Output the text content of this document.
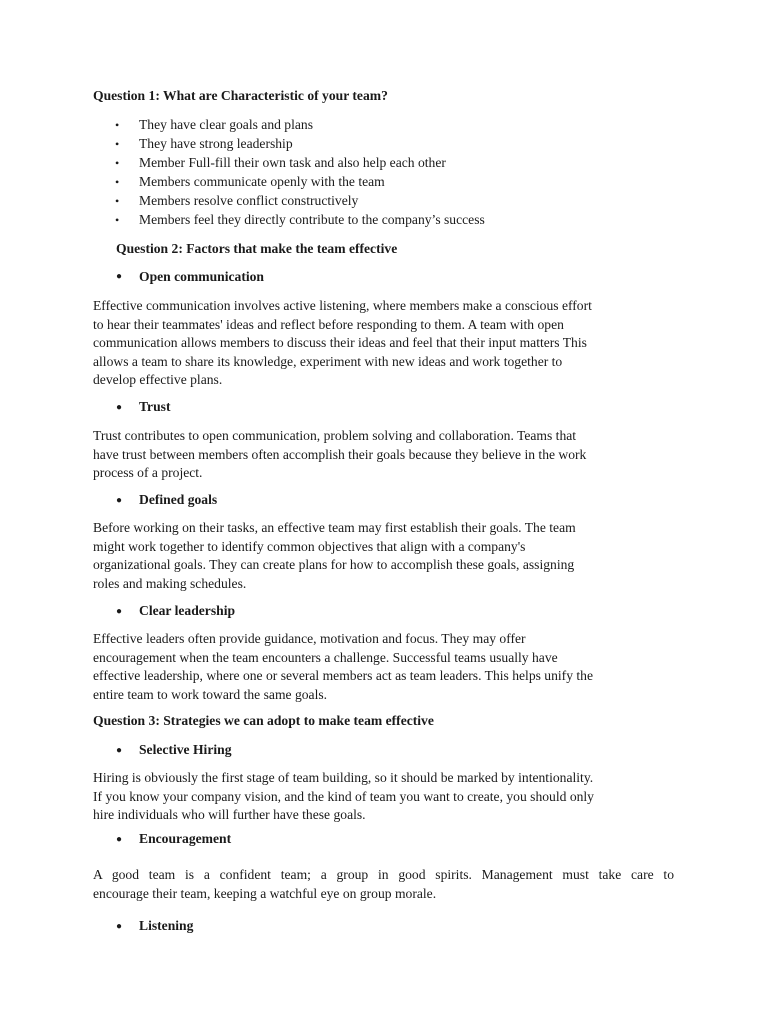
Question 1: What are Characteristic of your team?
• They have clear goals and plans
• They have strong leadership
• Member Full-fill their own task and also help each other
• Members communicate openly with the team
• Members resolve conflict constructively
• Members feel they directly contribute to the company’s success
Question 2: Factors that make the team effective
● Open communication
Effective communication involves active listening, where members make a conscious effort
to hear their teammates' ideas and reflect before responding to them. A team with open
communication allows members to discuss their ideas and feel that their input matters This
allows a team to share its knowledge, experiment with new ideas and work together to
develop effective plans.
● Trust
Trust contributes to open communication, problem solving and collaboration. Teams that
have trust between members often accomplish their goals because they believe in the work
process of a project.
● Defined goals
Before working on their tasks, an effective team may first establish their goals. The team
might work together to identify common objectives that align with a company's
organizational goals. They can create plans for how to accomplish these goals, assigning
roles and making schedules.
● Clear leadership
Effective leaders often provide guidance, motivation and focus. They may offer
encouragement when the team encounters a challenge. Successful teams usually have
effective leadership, where one or several members act as team leaders. This helps unify the
entire team to work toward the same goals.
Question 3: Strategies we can adopt to make team effective
● Selective Hiring
Hiring is obviously the first stage of team building, so it should be marked by intentionality.
If you know your company vision, and the kind of team you want to create, you should only
hire individuals who will further have these goals.
● Encouragement
A good team is a confident team; a group in good spirits. Management must take care to
encourage their team, keeping a watchful eye on group morale.
● Listening
